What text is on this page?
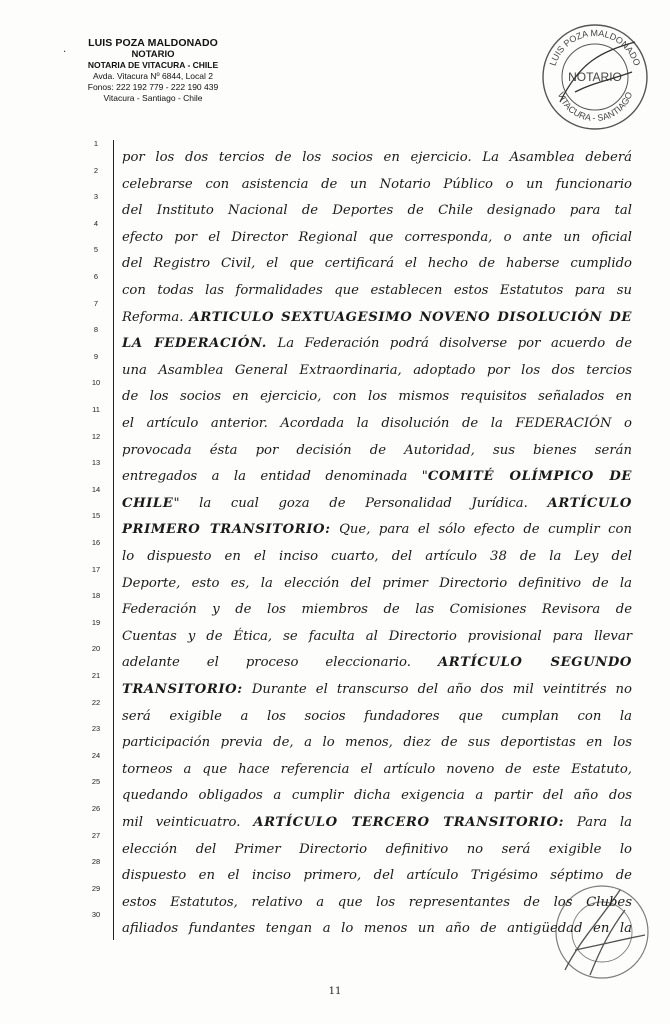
.
LUIS POZA MALDONADO
NOTARIO
NOTARIA DE VITACURA - CHILE
Avda. Vitacura Nº 6844, Local 2
Fonos: 222 192 779 - 222 190 439
Vitacura - Santiago - Chile
LUIS POZA MALDONADO
VITACURA - SANTIAGO
NOTARIO
1
2
3
4
5
6
7
8
9
10
11
12
13
14
15
16
17
18
19
20
21
22
23
24
25
26
27
28
29
30
por los dos tercios de los socios en ejercicio. La Asamblea deberá
celebrarse con asistencia de un Notario Público o un funcionario
del Instituto Nacional de Deportes de Chile designado para tal
efecto por el Director Regional que corresponda, o ante un oficial
del Registro Civil, el que certificará el hecho de haberse cumplido
con todas las formalidades que establecen estos Estatutos para su
Reforma. ARTICULO SEXTUAGESIMO NOVENO DISOLUCIÓN DE
LA FEDERACIÓN. La Federación podrá disolverse por acuerdo de
una Asamblea General Extraordinaria, adoptado por los dos tercios
de los socios en ejercicio, con los mismos requisitos señalados en
el artículo anterior. Acordada la disolución de la FEDERACIÓN o
provocada ésta por decisión de Autoridad, sus bienes serán
entregados a la entidad denominada "COMITÉ OLÍMPICO DE
CHILE" la cual goza de Personalidad Jurídica. ARTÍCULO
PRIMERO TRANSITORIO: Que, para el sólo efecto de cumplir con
lo dispuesto en el inciso cuarto, del artículo 38 de la Ley del
Deporte, esto es, la elección del primer Directorio definitivo de la
Federación y de los miembros de las Comisiones Revisora de
Cuentas y de Ética, se faculta al Directorio provisional para llevar
adelante el proceso eleccionario. ARTÍCULO SEGUNDO
TRANSITORIO: Durante el transcurso del año dos mil veintitrés no
será exigible a los socios fundadores que cumplan con la
participación previa de, a lo menos, diez de sus deportistas en los
torneos a que hace referencia el artículo noveno de este Estatuto,
quedando obligados a cumplir dicha exigencia a partir del año dos
mil veinticuatro. ARTÍCULO TERCERO TRANSITORIO: Para la
elección del Primer Directorio definitivo no será exigible lo
dispuesto en el inciso primero, del artículo Trigésimo séptimo de
estos Estatutos, relativo a que los representantes de los Clubes
afiliados fundantes tengan a lo menos un año de antigüedad en la
11
